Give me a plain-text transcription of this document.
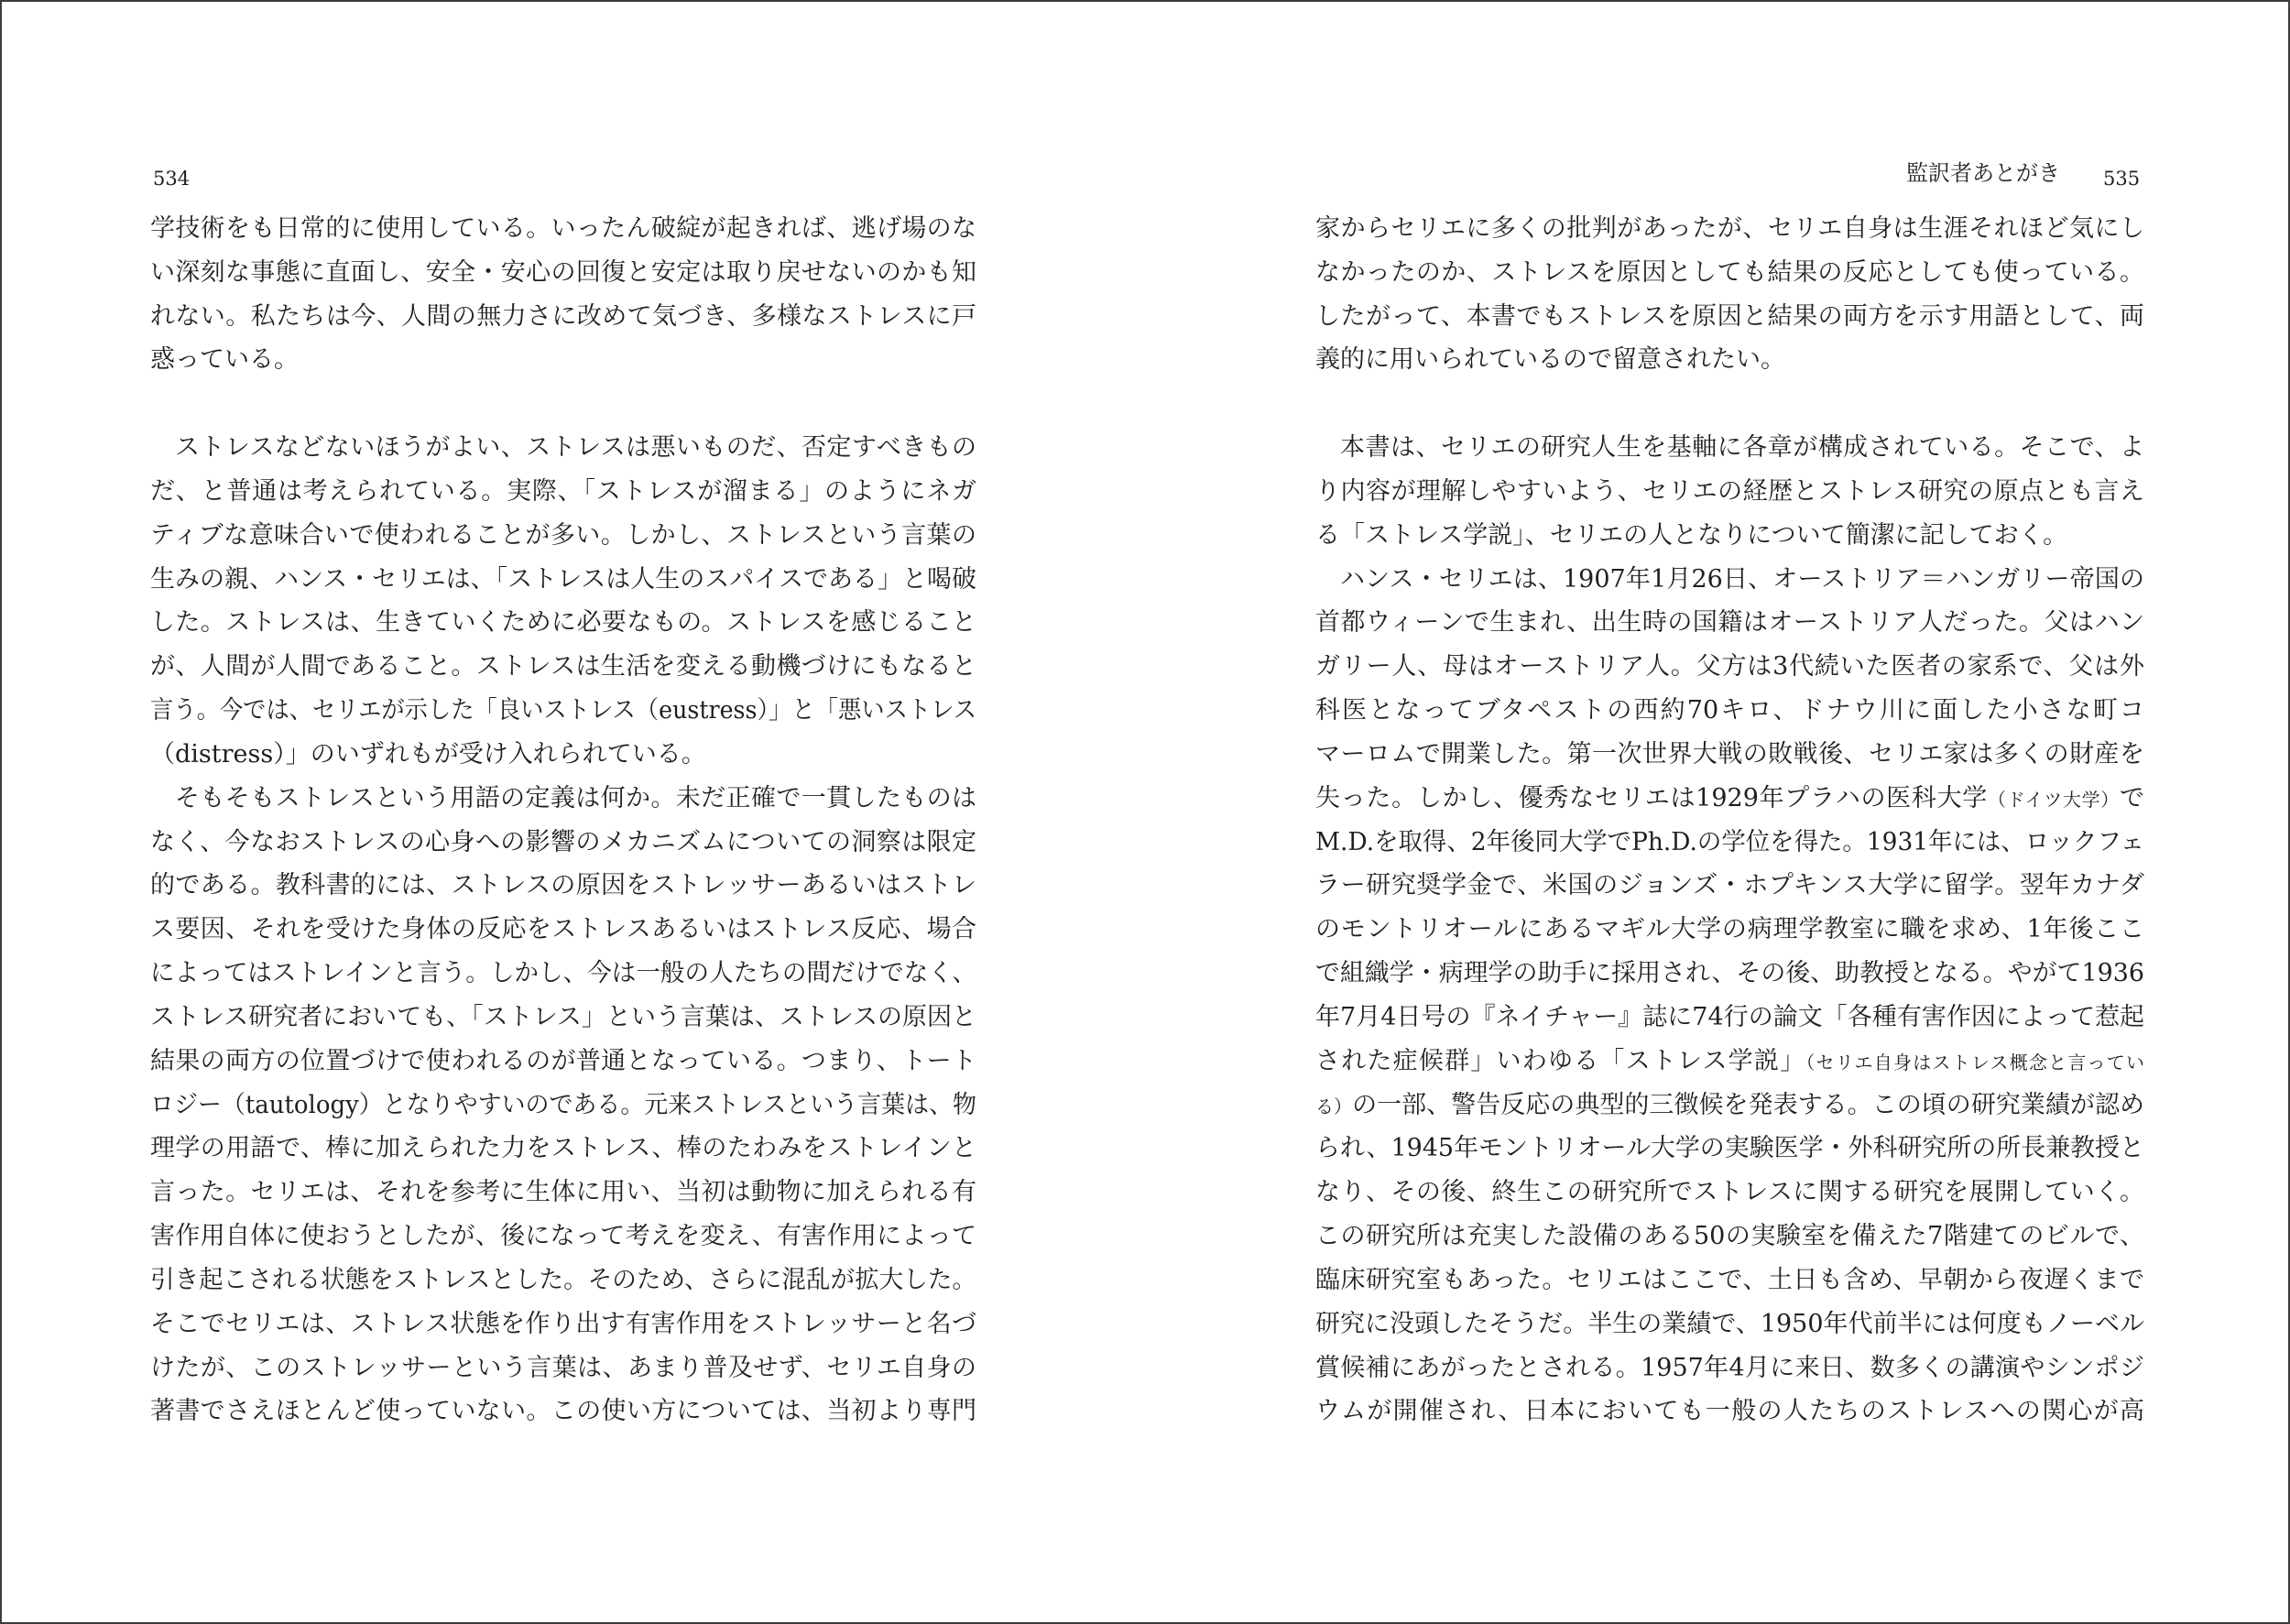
534
学技術をも日常的に使用している。いったん破綻が起きれば、逃げ場のな
い深刻な事態に直面し、安全・安心の回復と安定は取り戻せないのかも知
れない。私たちは今、人間の無力さに改めて気づき、多様なストレスに戸
惑っている。
ストレスなどないほうがよい、ストレスは悪いものだ、否定すべきもの
だ、と普通は考えられている。実際、「ストレスが溜まる」のようにネガ
ティブな意味合いで使われることが多い。しかし、ストレスという言葉の
生みの親、ハンス・セリエは、「ストレスは人生のスパイスである」と喝破
した。ストレスは、生きていくために必要なもの。ストレスを感じること
が、人間が人間であること。ストレスは生活を変える動機づけにもなると
言う。今では、セリエが示した「良いストレス（eustress）」と「悪いストレス
（distress）」のいずれもが受け入れられている。
そもそもストレスという用語の定義は何か。未だ正確で一貫したものは
なく、今なおストレスの心身への影響のメカニズムについての洞察は限定
的である。教科書的には、ストレスの原因をストレッサーあるいはストレ
ス要因、それを受けた身体の反応をストレスあるいはストレス反応、場合
によってはストレインと言う。しかし、今は一般の人たちの間だけでなく、
ストレス研究者においても、「ストレス」という言葉は、ストレスの原因と
結果の両方の位置づけで使われるのが普通となっている。つまり、トート
ロジー（tautology）となりやすいのである。元来ストレスという言葉は、物
理学の用語で、棒に加えられた力をストレス、棒のたわみをストレインと
言った。セリエは、それを参考に生体に用い、当初は動物に加えられる有
害作用自体に使おうとしたが、後になって考えを変え、有害作用によって
引き起こされる状態をストレスとした。そのため、さらに混乱が拡大した。
そこでセリエは、ストレス状態を作り出す有害作用をストレッサーと名づ
けたが、このストレッサーという言葉は、あまり普及せず、セリエ自身の
著書でさえほとんど使っていない。この使い方については、当初より専門
監訳者あとがき 535
家からセリエに多くの批判があったが、セリエ自身は生涯それほど気にし
なかったのか、ストレスを原因としても結果の反応としても使っている。
したがって、本書でもストレスを原因と結果の両方を示す用語として、両
義的に用いられているので留意されたい。
本書は、セリエの研究人生を基軸に各章が構成されている。そこで、よ
り内容が理解しやすいよう、セリエの経歴とストレス研究の原点とも言え
る「ストレス学説」、セリエの人となりについて簡潔に記しておく。
ハンス・セリエは、1907年1月26日、オーストリア＝ハンガリー帝国の
首都ウィーンで生まれ、出生時の国籍はオーストリア人だった。父はハン
ガリー人、母はオーストリア人。父方は3代続いた医者の家系で、父は外
科医となってブタペストの西約70キロ、ドナウ川に面した小さな町コ
マーロムで開業した。第一次世界大戦の敗戦後、セリエ家は多くの財産を
失った。しかし、優秀なセリエは1929年プラハの医科大学（ドイツ大学）で
M.D.を取得、2年後同大学でPh.D.の学位を得た。1931年には、ロックフェ
ラー研究奨学金で、米国のジョンズ・ホプキンス大学に留学。翌年カナダ
のモントリオールにあるマギル大学の病理学教室に職を求め、1年後ここ
で組織学・病理学の助手に採用され、その後、助教授となる。やがて1936
年7月4日号の『ネイチャー』誌に74行の論文「各種有害作因によって惹起
された症候群」いわゆる「ストレス学説」（セリエ自身はストレス概念と言ってい
る）の一部、警告反応の典型的三徴候を発表する。この頃の研究業績が認め
られ、1945年モントリオール大学の実験医学・外科研究所の所長兼教授と
なり、その後、終生この研究所でストレスに関する研究を展開していく。
この研究所は充実した設備のある50の実験室を備えた7階建てのビルで、
臨床研究室もあった。セリエはここで、土日も含め、早朝から夜遅くまで
研究に没頭したそうだ。半生の業績で、1950年代前半には何度もノーベル
賞候補にあがったとされる。1957年4月に来日、数多くの講演やシンポジ
ウムが開催され、日本においても一般の人たちのストレスへの関心が高
